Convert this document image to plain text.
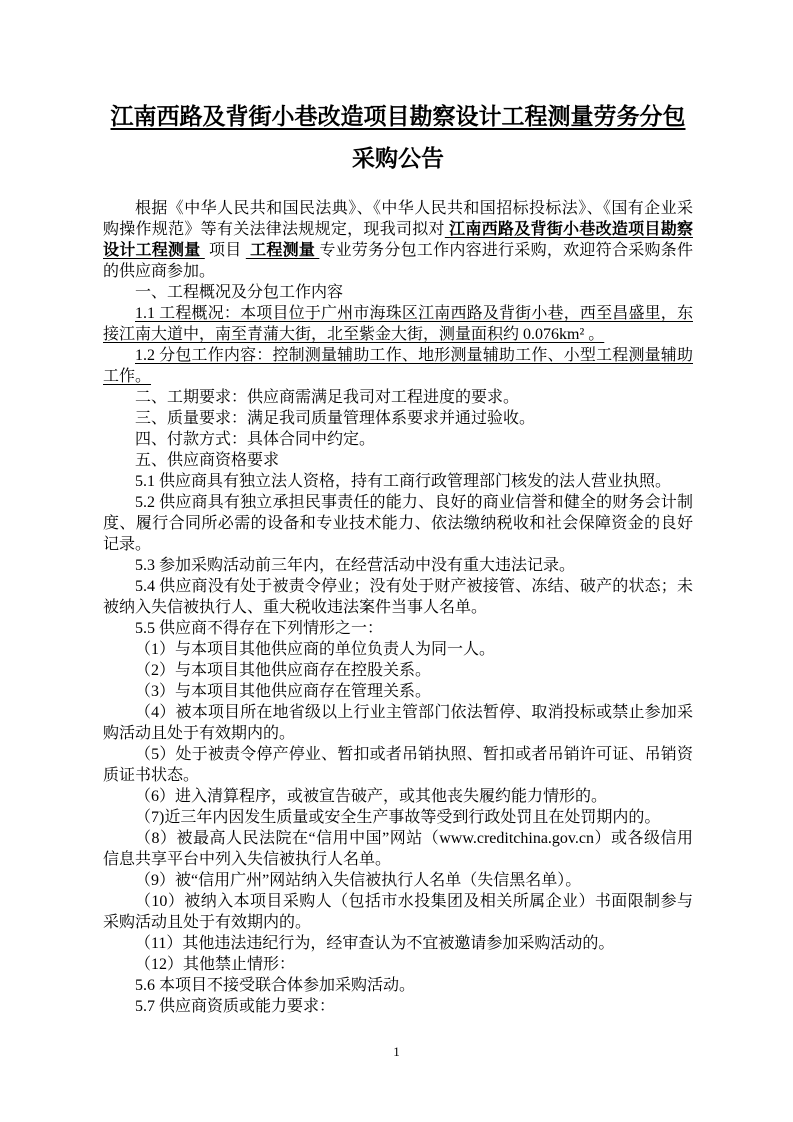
江南西路及背街小巷改造项目勘察设计工程测量劳务分包
采购公告

根据《中华人民共和国民法典》、《中华人民共和国招标投标法》、《国有企业采购操作规范》等有关法律法规规定，现我司拟对 江南西路及背街小巷改造项目勘察设计工程测量  项目  工程测量 专业劳务分包工作内容进行采购，欢迎符合采购条件的供应商参加。

一、工程概况及分包工作内容

1.1 工程概况：本项目位于广州市海珠区江南西路及背街小巷，西至昌盛里，东接江南大道中，南至青蒲大街，北至紫金大街，测量面积约 0.076km² 。

1.2 分包工作内容：控制测量辅助工作、地形测量辅助工作、小型工程测量辅助工作。

二、工期要求：供应商需满足我司对工程进度的要求。

三、质量要求：满足我司质量管理体系要求并通过验收。

四、付款方式：具体合同中约定。

五、供应商资格要求

5.1 供应商具有独立法人资格，持有工商行政管理部门核发的法人营业执照。

5.2 供应商具有独立承担民事责任的能力、良好的商业信誉和健全的财务会计制度、履行合同所必需的设备和专业技术能力、依法缴纳税收和社会保障资金的良好记录。

5.3 参加采购活动前三年内，在经营活动中没有重大违法记录。

5.4 供应商没有处于被责令停业；没有处于财产被接管、冻结、破产的状态；未被纳入失信被执行人、重大税收违法案件当事人名单。

5.5 供应商不得存在下列情形之一：

（1）与本项目其他供应商的单位负责人为同一人。

（2）与本项目其他供应商存在控股关系。

（3）与本项目其他供应商存在管理关系。

（4）被本项目所在地省级以上行业主管部门依法暂停、取消投标或禁止参加采购活动且处于有效期内的。

（5）处于被责令停产停业、暂扣或者吊销执照、暂扣或者吊销许可证、吊销资质证书状态。

（6）进入清算程序，或被宣告破产，或其他丧失履约能力情形的。

（7)近三年内因发生质量或安全生产事故等受到行政处罚且在处罚期内的。

（8）被最高人民法院在“信用中国”网站（www.creditchina.gov.cn）或各级信用信息共享平台中列入失信被执行人名单。

（9）被“信用广州”网站纳入失信被执行人名单（失信黑名单）。

（10）被纳入本项目采购人（包括市水投集团及相关所属企业）书面限制参与采购活动且处于有效期内的。

（11）其他违法违纪行为，经审查认为不宜被邀请参加采购活动的。

（12）其他禁止情形：

5.6 本项目不接受联合体参加采购活动。

5.7 供应商资质或能力要求：

1
